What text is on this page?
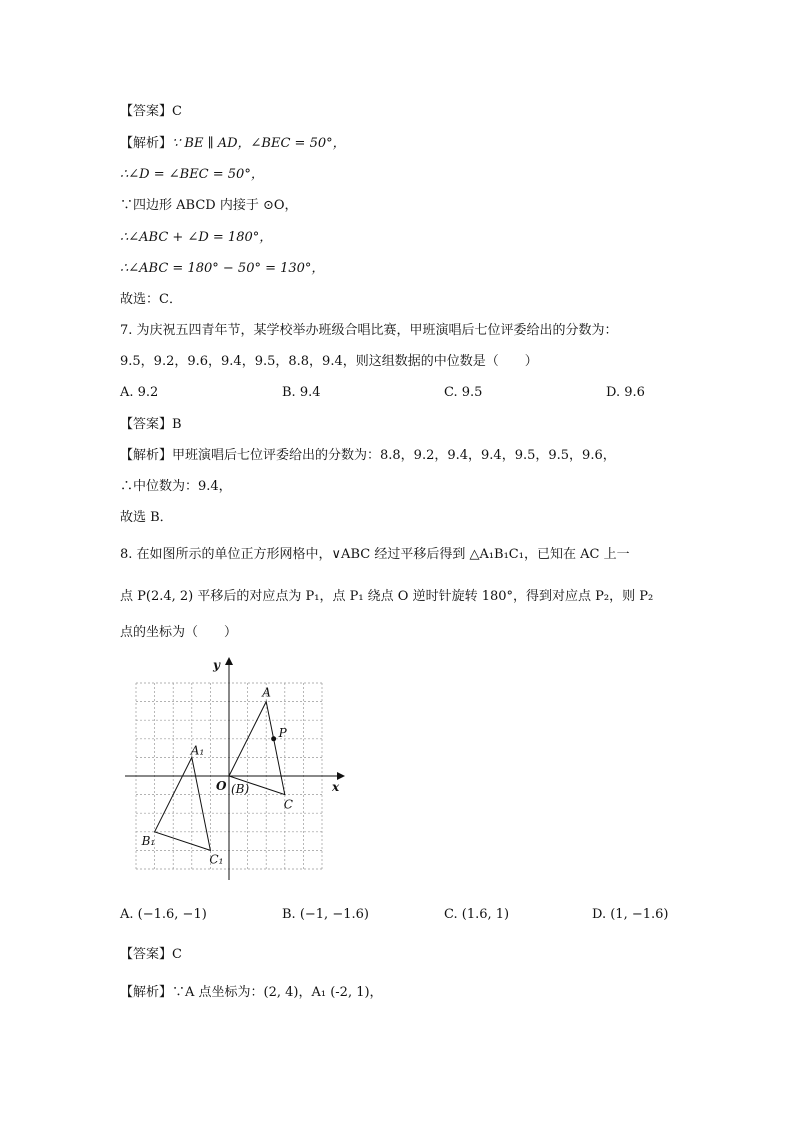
【答案】C
【解析】∵ BE ∥ AD，∠BEC = 50°，
∴∠D = ∠BEC = 50°，
∵四边形 ABCD 内接于 ⊙O，
∴∠ABC + ∠D = 180°，
∴∠ABC = 180° − 50° = 130°，
故选：C．
7. 为庆祝五四青年节，某学校举办班级合唱比赛，甲班演唱后七位评委给出的分数为：
9.5，9.2，9.6，9.4，9.5，8.8，9.4，则这组数据的中位数是（　　）
A. 9.2	B. 9.4	C. 9.5	D. 9.6
【答案】B
【解析】甲班演唱后七位评委给出的分数为：8.8，9.2，9.4，9.4，9.5，9.5，9.6，
∴中位数为：9.4，
故选 B．
8. 在如图所示的单位正方形网格中，∨ABC 经过平移后得到 △A₁B₁C₁，已知在 AC 上一
点 P(2.4, 2) 平移后的对应点为 P₁，点 P₁ 绕点 O 逆时针旋转 180°，得到对应点 P₂，则 P₂
点的坐标为（　　）
y
x
O (B)
A
P
C
A₁
B₁
C₁
A. (−1.6, −1)	B. (−1, −1.6)	C. (1.6, 1)	D. (1, −1.6)
【答案】C
【解析】∵A 点坐标为：(2, 4)，A₁ (-2, 1)，
